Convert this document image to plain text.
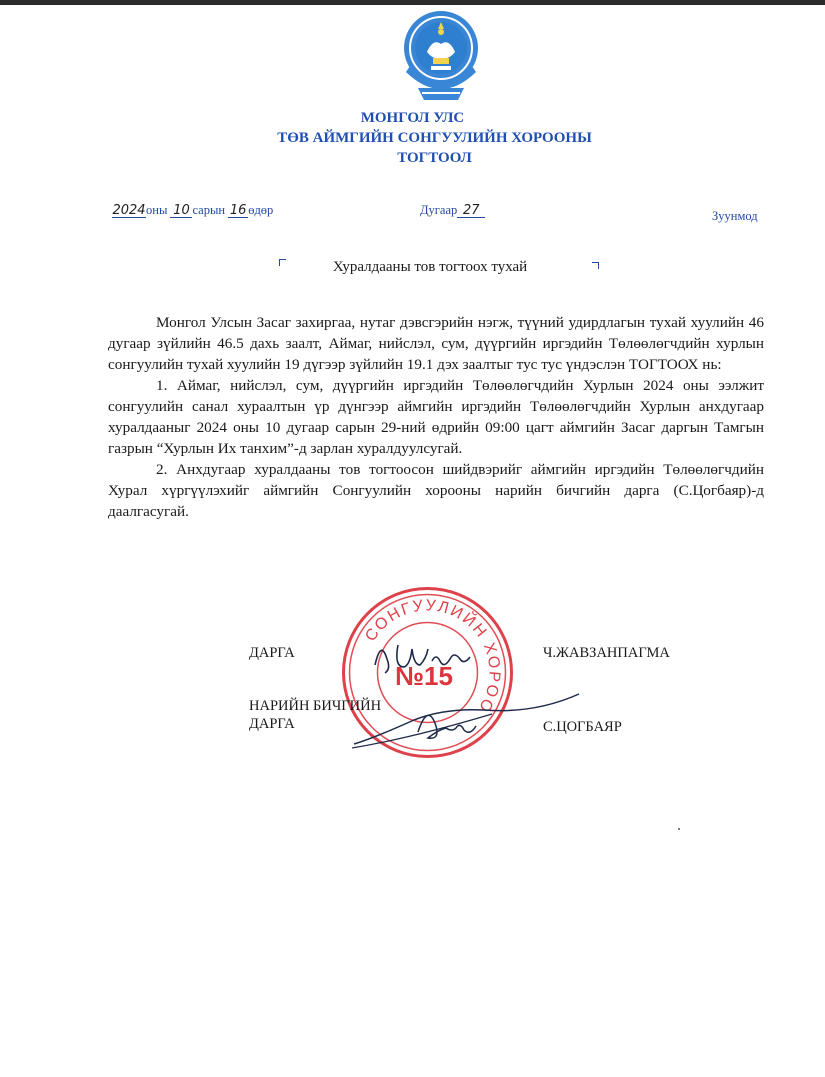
МОНГОЛ УЛС
ТӨВ АЙМГИЙН СОНГУУЛИЙН ХОРООНЫ
ТОГТООЛ
2024оны 10 сарын 16 өдөр	Дугаар 27	Зуунмод
Хуралдааны тов тогтоох тухай

Монгол Улсын Засаг захиргаа, нутаг дэвсгэрийн нэгж, түүний удирдлагын тухай хуулийн 46 дугаар зүйлийн 46.5 дахь заалт, Аймаг, нийслэл, сум, дүүргийн иргэдийн Төлөөлөгчдийн хурлын сонгуулийн тухай хуулийн 19 дүгээр зүйлийн 19.1 дэх заалтыг тус тус үндэслэн ТОГТООХ нь:

1. Аймаг, нийслэл, сум, дүүргийн иргэдийн Төлөөлөгчдийн Хурлын 2024 оны ээлжит сонгуулийн санал хураалтын үр дүнгээр аймгийн иргэдийн Төлөөлөгчдийн Хурлын анхдугаар хуралдааныг 2024 оны 10 дугаар сарын 29-ний өдрийн 09:00 цагт аймгийн Засаг даргын Тамгын газрын “Хурлын Их танхим”-д зарлан хуралдуулсугай.

2. Анхдугаар хуралдааны тов тогтоосон шийдвэрийг аймгийн иргэдийн Төлөөлөгчдийн Хурал хүргүүлэхийг аймгийн Сонгуулийн хорооны нарийн бичгийн дарга (С.Цогбаяр)-д даалгасугай.

СОНГУУЛИЙН ХОРОО
№15
ДАРГА	Ч.ЖАВЗАНПАГМА
НАРИЙН БИЧГИЙН
ДАРГА	С.ЦОГБАЯР
